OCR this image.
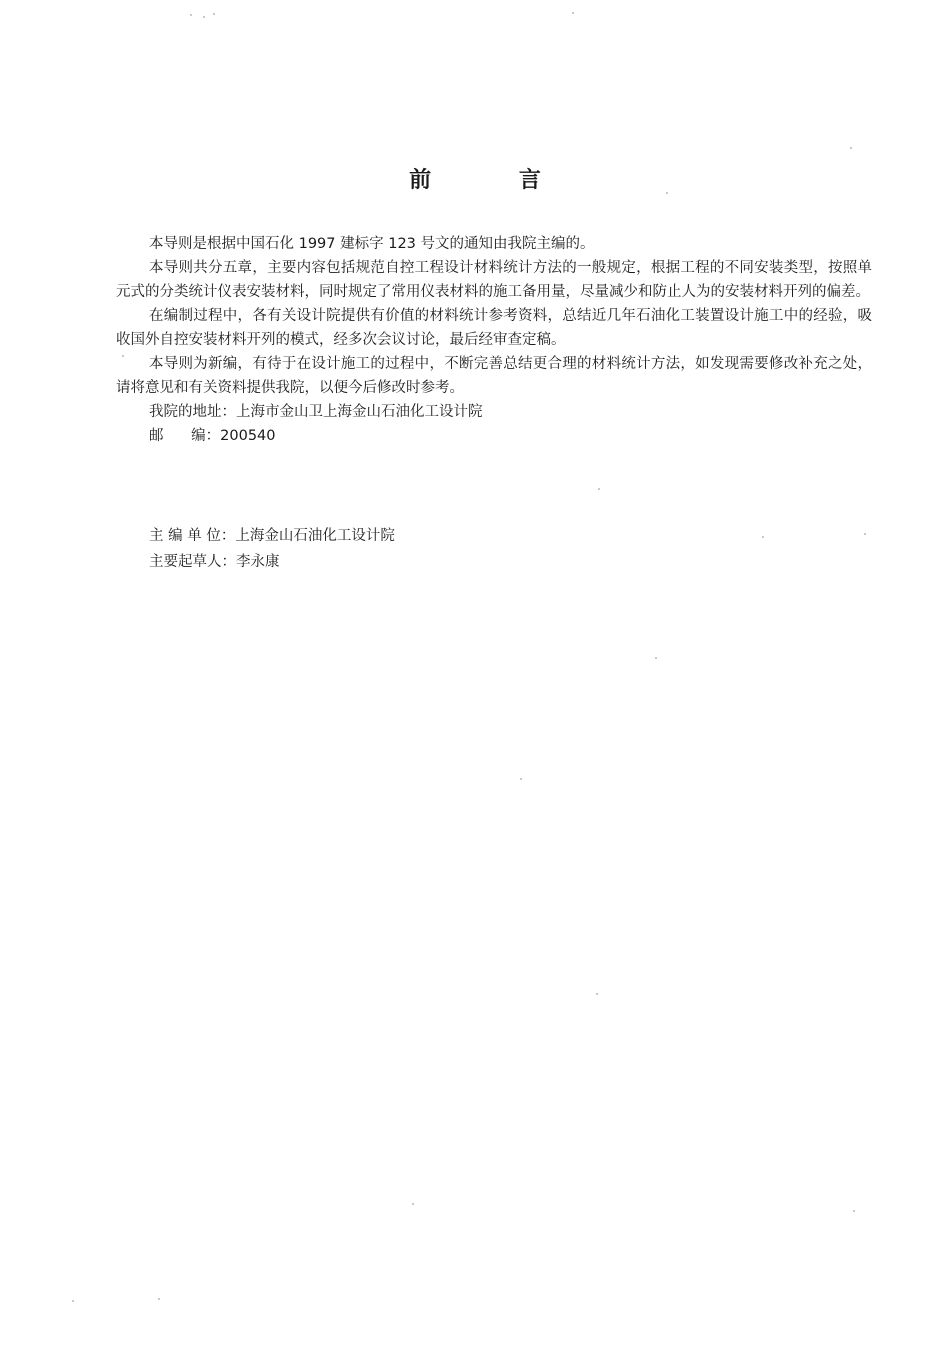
前 言

本导则是根据中国石化 1997 建标字 123 号文的通知由我院主编的。

本导则共分五章，主要内容包括规范自控工程设计材料统计方法的一般规定，根据工程的不同安装类型，按照单元式的分类统计仪表安装材料，同时规定了常用仪表材料的施工备用量，尽量减少和防止人为的安装材料开列的偏差。

在编制过程中，各有关设计院提供有价值的材料统计参考资料，总结近几年石油化工装置设计施工中的经验，吸收国外自控安装材料开列的模式，经多次会议讨论，最后经审查定稿。

本导则为新编，有待于在设计施工的过程中，不断完善总结更合理的材料统计方法，如发现需要修改补充之处，请将意见和有关资料提供我院，以便今后修改时参考。

我院的地址：上海市金山卫上海金山石油化工设计院

邮      编：200540

主 编 单 位：上海金山石油化工设计院

主要起草人：李永康
